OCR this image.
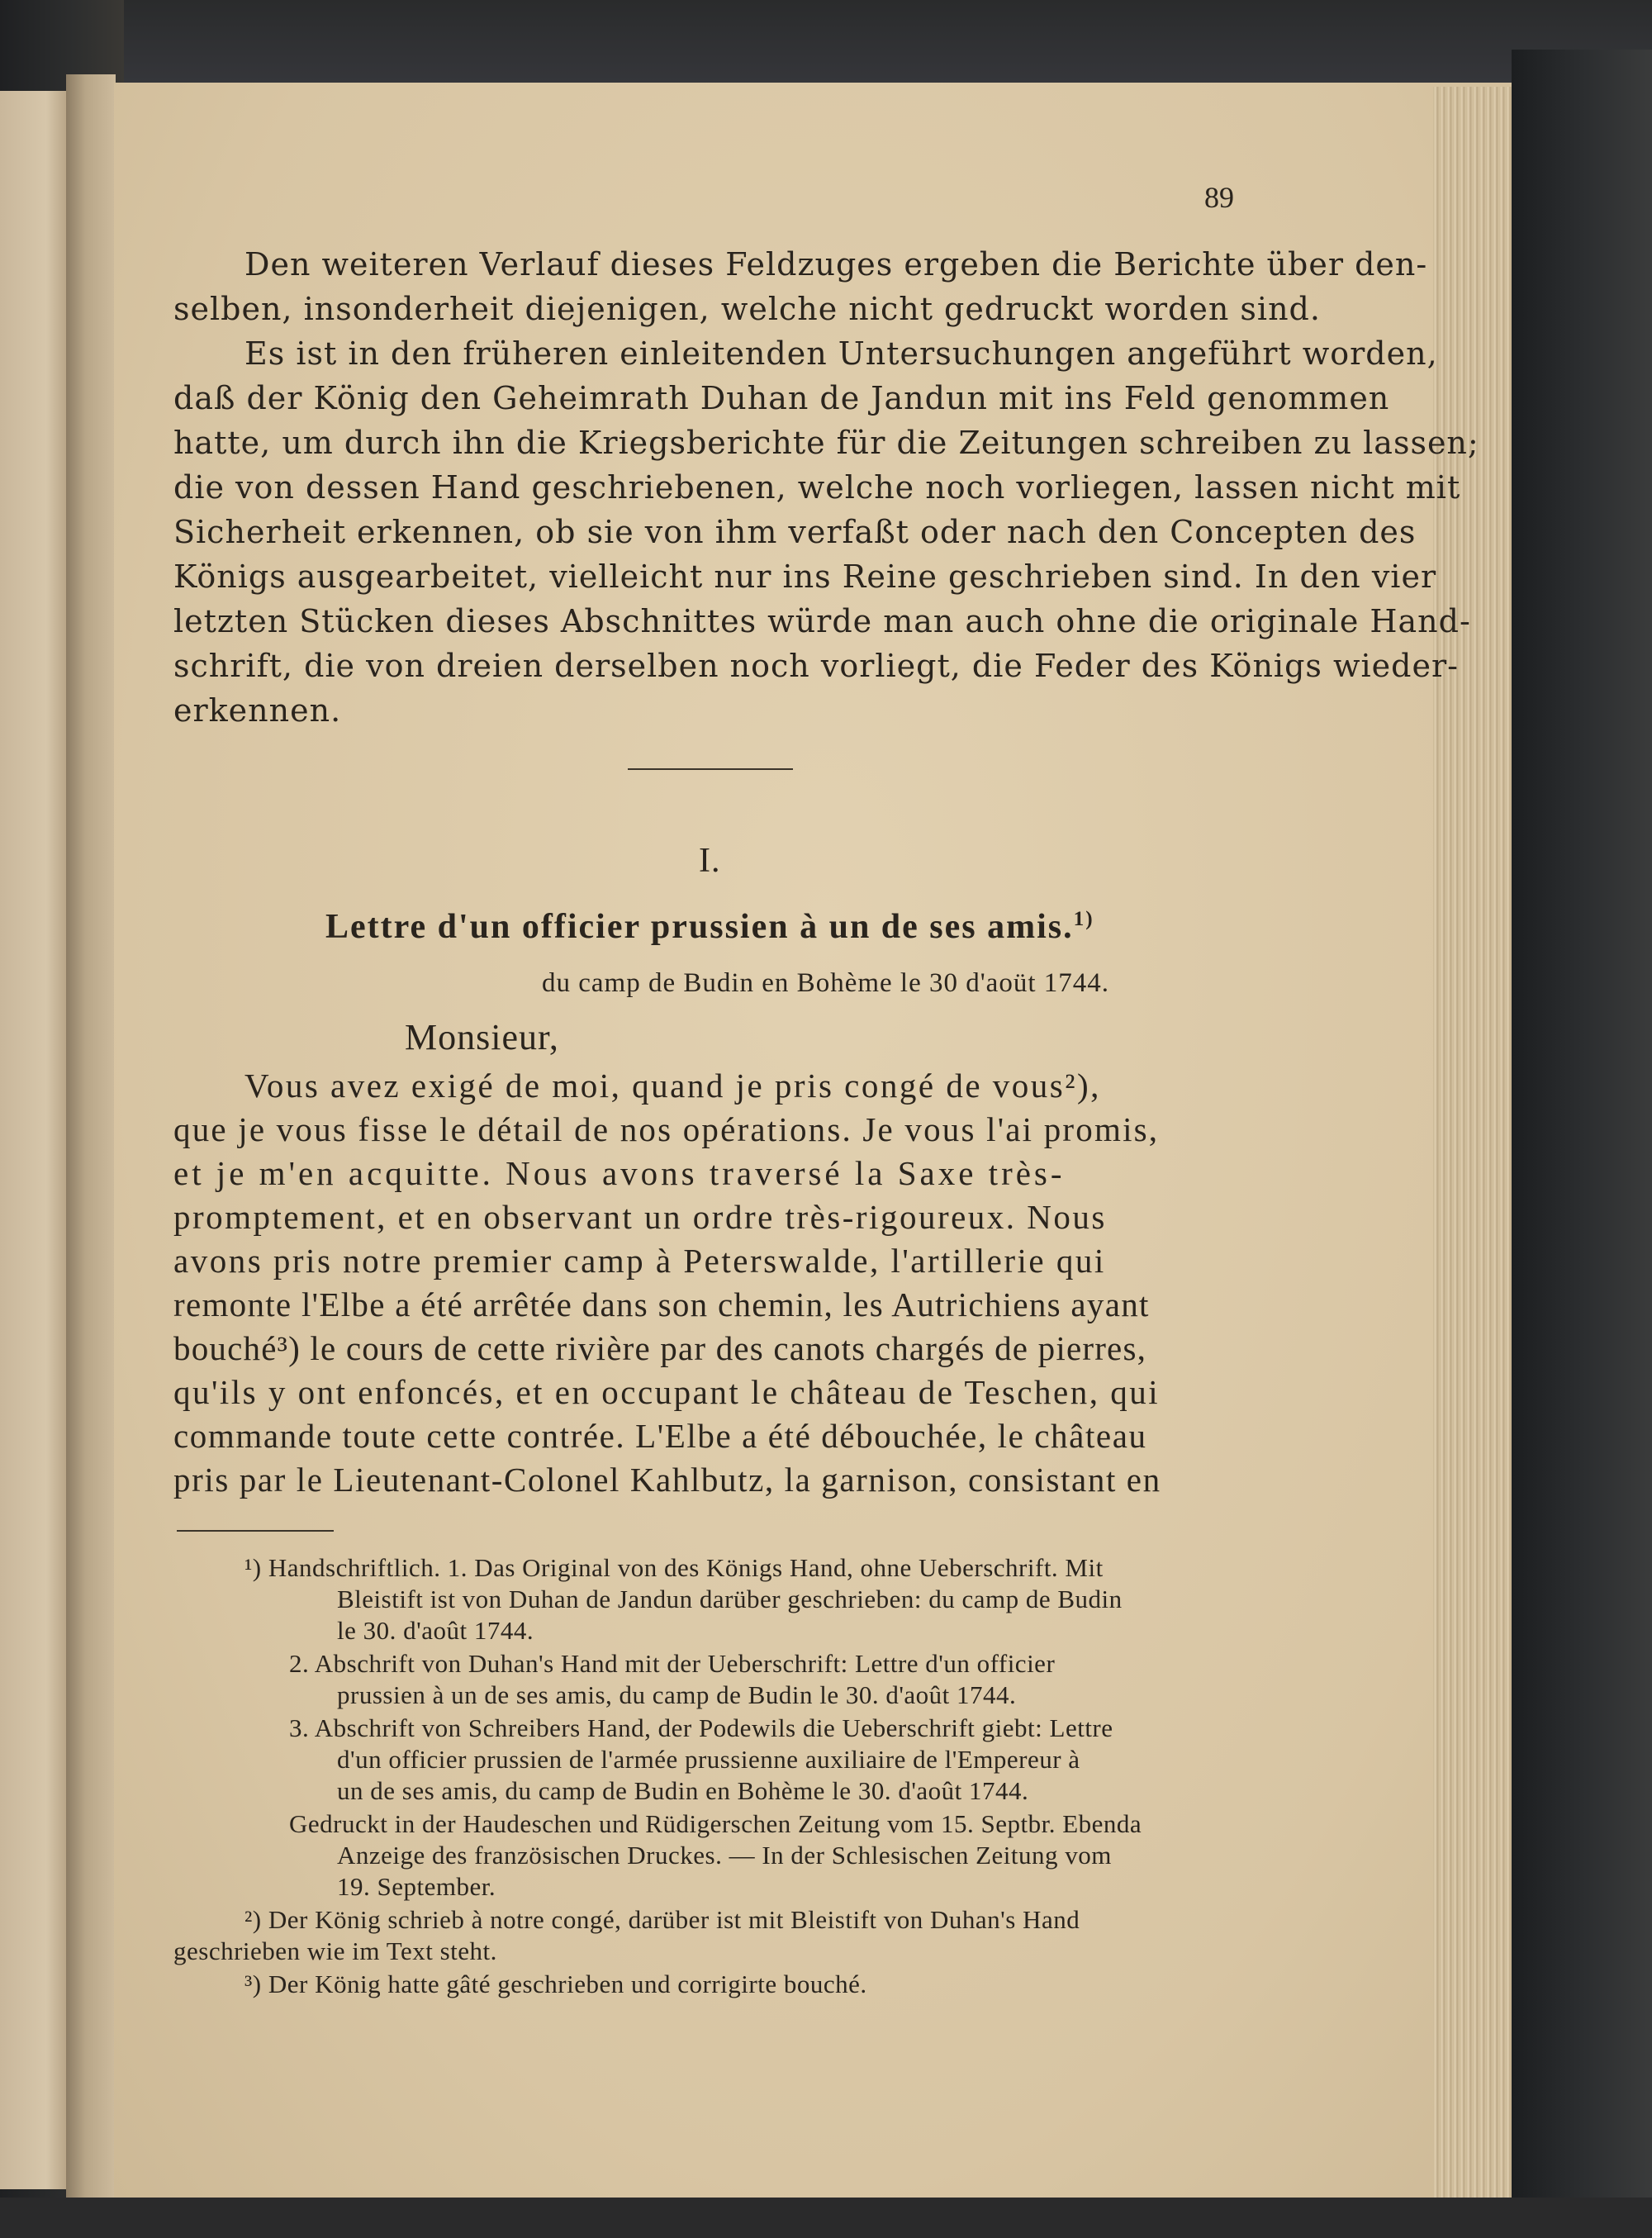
89
Den weiteren Verlauf dieses Feldzuges ergeben die Berichte über den-
selben, insonderheit diejenigen, welche nicht gedruckt worden sind.
Es ist in den früheren einleitenden Untersuchungen angeführt worden,
daß der König den Geheimrath Duhan de Jandun mit ins Feld genommen
hatte, um durch ihn die Kriegsberichte für die Zeitungen schreiben zu lassen;
die von dessen Hand geschriebenen, welche noch vorliegen, lassen nicht mit
Sicherheit erkennen, ob sie von ihm verfaßt oder nach den Concepten des
Königs ausgearbeitet, vielleicht nur ins Reine geschrieben sind. In den vier
letzten Stücken dieses Abschnittes würde man auch ohne die originale Hand-
schrift, die von dreien derselben noch vorliegt, die Feder des Königs wieder-
erkennen.
I.
Lettre d'un officier prussien à un de ses amis.$^{1)}$
du camp de Budin en Bohème le 30 d'aoüt 1744.
Monsieur,
Vous avez exigé de moi, quand je pris congé de vous²),
que je vous fisse le détail de nos opérations. Je vous l'ai promis,
et je m'en acquitte. Nous avons traversé la Saxe très-
promptement, et en observant un ordre très-rigoureux. Nous
avons pris notre premier camp à Peterswalde, l'artillerie qui
remonte l'Elbe a été arrêtée dans son chemin, les Autrichiens ayant
bouché³) le cours de cette rivière par des canots chargés de pierres,
qu'ils y ont enfoncés, et en occupant le château de Teschen, qui
commande toute cette contrée. L'Elbe a été débouchée, le château
pris par le Lieutenant-Colonel Kahlbutz, la garnison, consistant en
¹) Handschriftlich. 1. Das Original von des Königs Hand, ohne Ueberschrift. Mit
Bleistift ist von Duhan de Jandun darüber geschrieben: du camp de Budin
le 30. d'août 1744.
2. Abschrift von Duhan's Hand mit der Ueberschrift: Lettre d'un officier
prussien à un de ses amis, du camp de Budin le 30. d'août 1744.
3. Abschrift von Schreibers Hand, der Podewils die Ueberschrift giebt: Lettre
d'un officier prussien de l'armée prussienne auxiliaire de l'Empereur à
un de ses amis, du camp de Budin en Bohème le 30. d'août 1744.
Gedruckt in der Haudeschen und Rüdigerschen Zeitung vom 15. Septbr. Ebenda
Anzeige des französischen Druckes. — In der Schlesischen Zeitung vom
19. September.
²) Der König schrieb à notre congé, darüber ist mit Bleistift von Duhan's Hand
geschrieben wie im Text steht.
³) Der König hatte gâté geschrieben und corrigirte bouché.
